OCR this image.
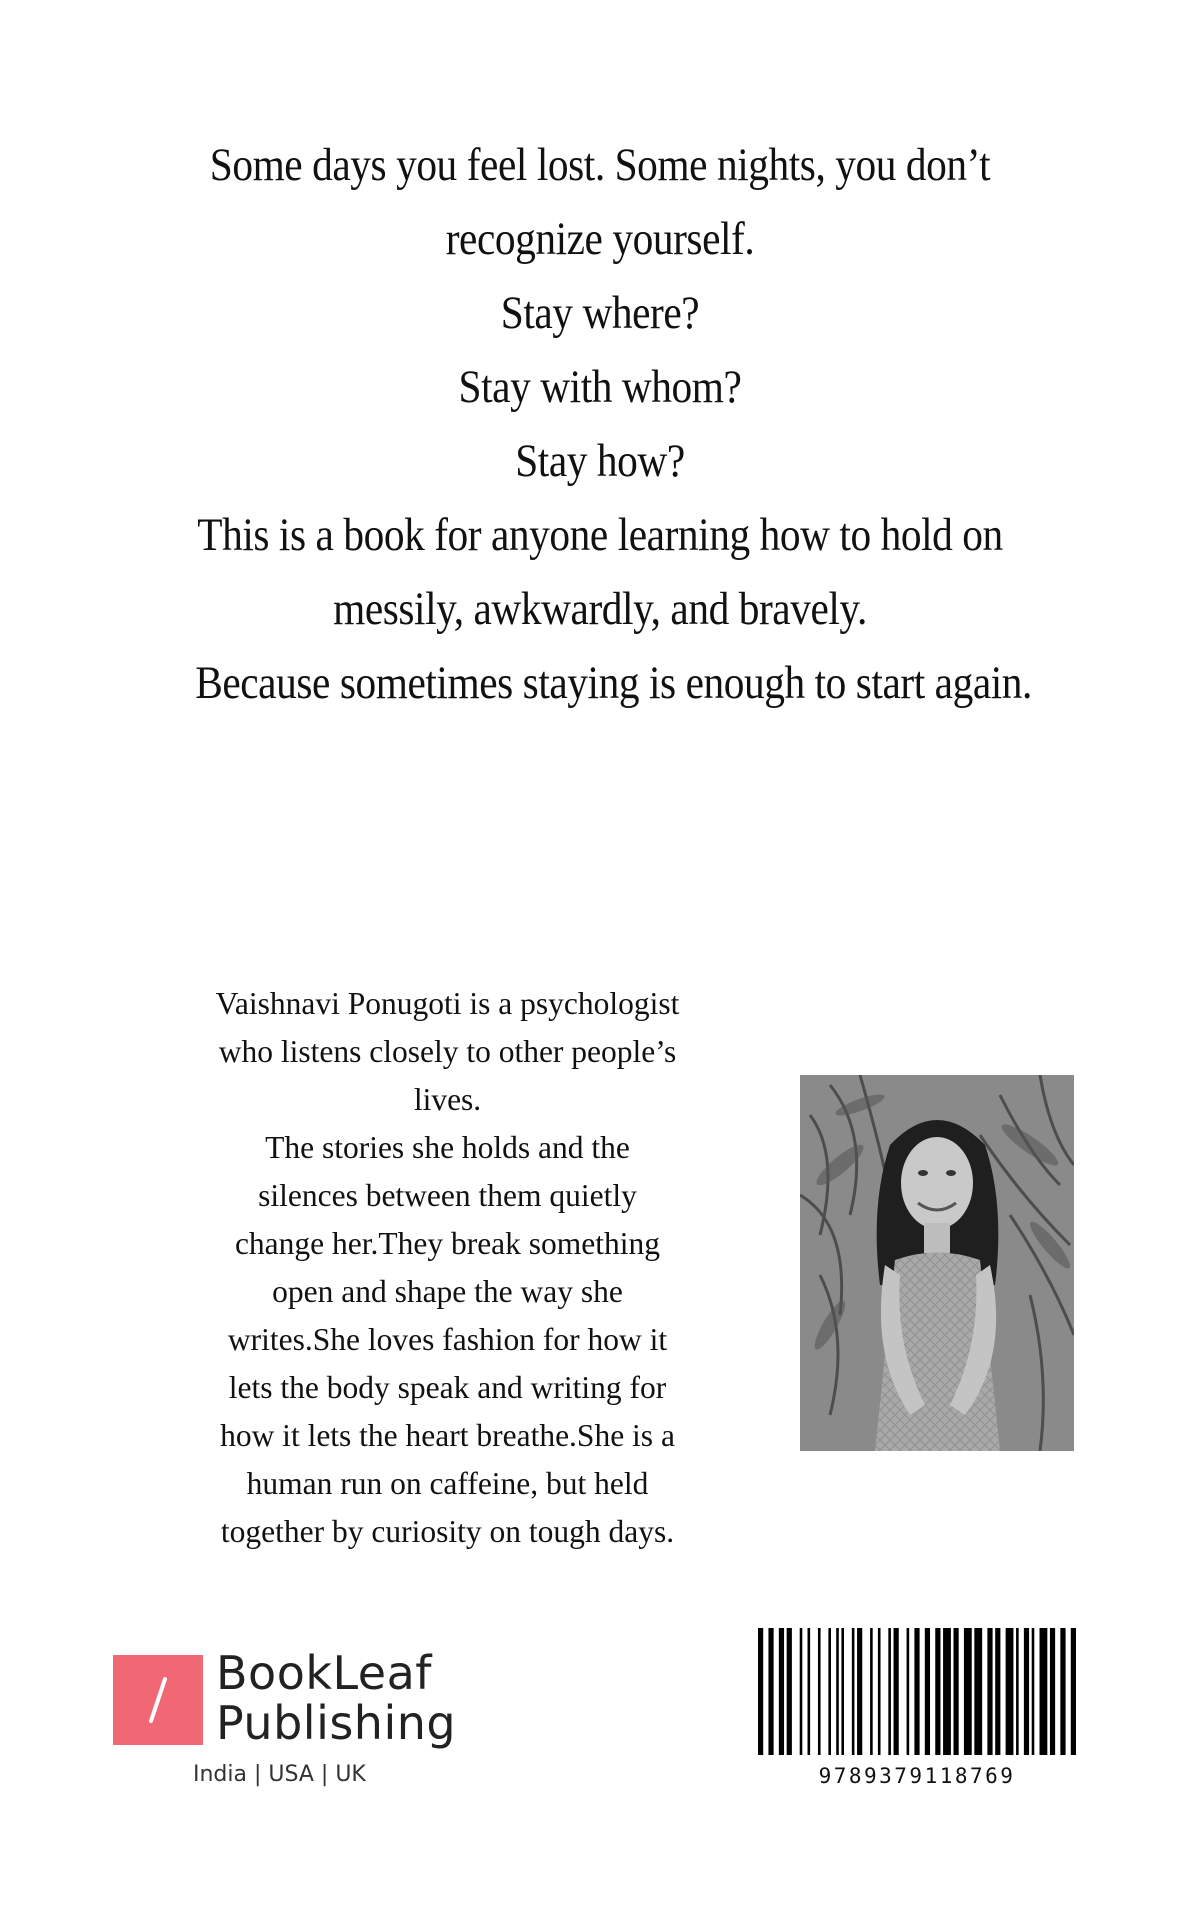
Some days you feel lost. Some nights, you don’t
recognize yourself.
Stay where?
Stay with whom?
Stay how?
This is a book for anyone learning how to hold on
messily, awkwardly, and bravely.
Because sometimes staying is enough to start again.
Vaishnavi Ponugoti is a psychologist
who listens closely to other people’s
lives.
The stories she holds and the
silences between them quietly
change her.They break something
open and shape the way she
writes.She loves fashion for how it
lets the body speak and writing for
how it lets the heart breathe.She is a
human run on caffeine, but held
together by curiosity on tough days.
BookLeaf
Publishing
India | USA | UK	9789379118769
